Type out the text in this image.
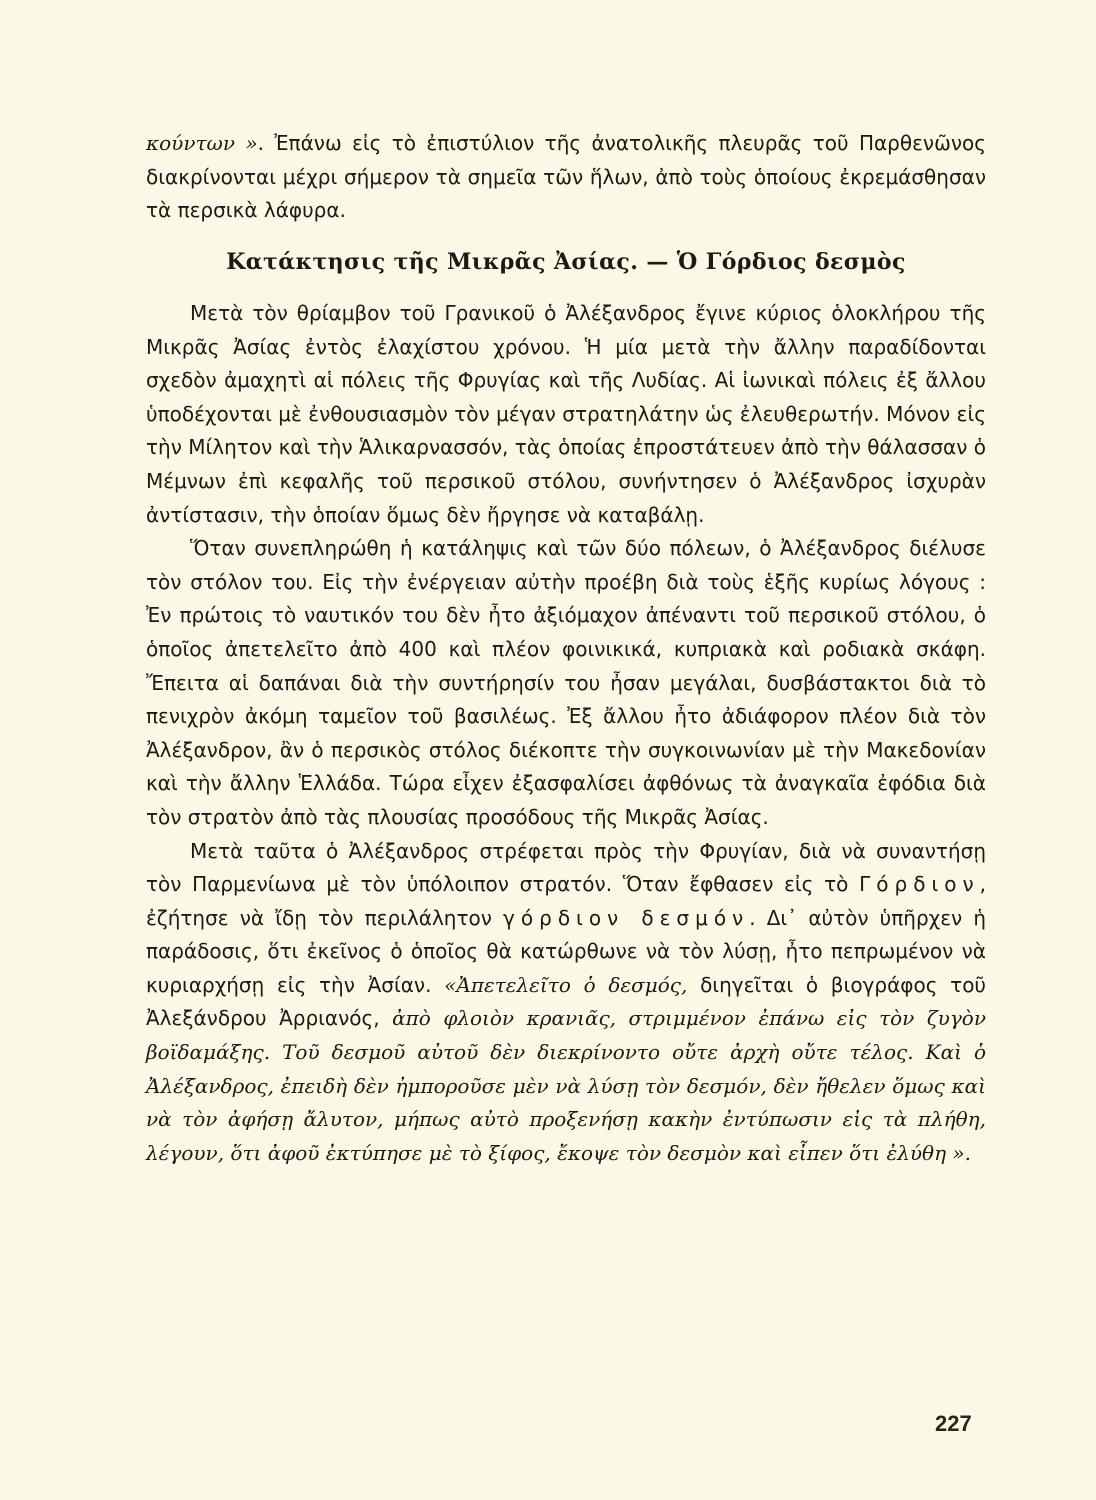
κούντων ». Ἐπάνω εἰς τὸ ἐπιστύλιον τῆς ἀνατολικῆς πλευρᾶς τοῦ Παρθενῶνος διακρίνονται μέχρι σήμερον τὰ σημεῖα τῶν ἥλων, ἀπὸ τοὺς ὁποίους ἐκρεμάσθησαν τὰ περσικὰ λάφυρα.

Κατάκτησις τῆς Μικρᾶς Ἀσίας. — Ὁ Γόρδιος δεσμὸς

Μετὰ τὸν θρίαμβον τοῦ Γρανικοῦ ὁ Ἀλέξανδρος ἔγινε κύριος ὁλοκλήρου τῆς Μικρᾶς Ἀσίας ἐντὸς ἐλαχίστου χρόνου. Ἡ μία μετὰ τὴν ἄλλην παραδίδονται σχεδὸν ἀμαχητὶ αἱ πόλεις τῆς Φρυγίας καὶ τῆς Λυδίας. Αἱ ἰωνικαὶ πόλεις ἐξ ἄλλου ὑποδέχονται μὲ ἐνθουσιασμὸν τὸν μέγαν στρατηλάτην ὡς ἐλευθερωτήν. Μόνον εἰς τὴν Μίλητον καὶ τὴν Ἁλικαρνασσόν, τὰς ὁποίας ἐπροστάτευεν ἀπὸ τὴν θάλασσαν ὁ Μέμνων ἐπὶ κεφαλῆς τοῦ περσικοῦ στόλου, συνήντησεν ὁ Ἀλέξανδρος ἰσχυρὰν ἀντίστασιν, τὴν ὁποίαν ὅμως δὲν ἤργησε νὰ καταβάλῃ.

Ὅταν συνεπληρώθη ἡ κατάληψις καὶ τῶν δύο πόλεων, ὁ Ἀλέξανδρος διέλυσε τὸν στόλον του. Εἰς τὴν ἐνέργειαν αὐτὴν προέβη διὰ τοὺς ἑξῆς κυρίως λόγους : Ἐν πρώτοις τὸ ναυτικόν του δὲν ἦτο ἀξιόμαχον ἀπέναντι τοῦ περσικοῦ στόλου, ὁ ὁποῖος ἀπετελεῖτο ἀπὸ 400 καὶ πλέον φοινικικά, κυπριακὰ καὶ ροδιακὰ σκάφη. Ἔπειτα αἱ δαπάναι διὰ τὴν συντήρησίν του ἦσαν μεγάλαι, δυσβάστακτοι διὰ τὸ πενιχρὸν ἀκόμη ταμεῖον τοῦ βασιλέως. Ἐξ ἄλλου ἦτο ἀδιάφορον πλέον διὰ τὸν Ἀλέξανδρον, ἂν ὁ περσικὸς στόλος διέκοπτε τὴν συγκοινωνίαν μὲ τὴν Μακεδονίαν καὶ τὴν ἄλλην Ἑλλάδα. Τώρα εἶχεν ἐξασφαλίσει ἀφθόνως τὰ ἀναγκαῖα ἐφόδια διὰ τὸν στρατὸν ἀπὸ τὰς πλουσίας προσόδους τῆς Μικρᾶς Ἀσίας.

Μετὰ ταῦτα ὁ Ἀλέξανδρος στρέφεται πρὸς τὴν Φρυγίαν, διὰ νὰ συναντήσῃ τὸν Παρμενίωνα μὲ τὸν ὑπόλοιπον στρατόν. Ὅταν ἔφθασεν εἰς τὸ Γόρδιον, ἐζήτησε νὰ ἴδῃ τὸν περιλάλητον γόρδιον δεσμόν. Δι᾽ αὐτὸν ὑπῆρχεν ἡ παράδοσις, ὅτι ἐκεῖνος ὁ ὁποῖος θὰ κατώρθωνε νὰ τὸν λύσῃ, ἦτο πεπρωμένον νὰ κυριαρχήσῃ εἰς τὴν Ἀσίαν. «Ἀπετελεῖτο ὁ δεσμός, διηγεῖται ὁ βιογράφος τοῦ Ἀλεξάνδρου Ἀρριανός, ἀπὸ φλοιὸν κρανιᾶς, στριμμένον ἐπάνω εἰς τὸν ζυγὸν βοϊδαμάξης. Τοῦ δεσμοῦ αὐτοῦ δὲν διεκρίνοντο οὔτε ἀρχὴ οὔτε τέλος. Καὶ ὁ Ἀλέξανδρος, ἐπειδὴ δὲν ἠμποροῦσε μὲν νὰ λύσῃ τὸν δεσμόν, δὲν ἤθελεν ὅμως καὶ νὰ τὸν ἀφήσῃ ἄλυτον, μήπως αὐτὸ προξενήσῃ κακὴν ἐντύπωσιν εἰς τὰ πλήθη, λέγουν, ὅτι ἀφοῦ ἐκτύπησε μὲ τὸ ξίφος, ἔκοψε τὸν δεσμὸν καὶ εἶπεν ὅτι ἐλύθη ».

227
